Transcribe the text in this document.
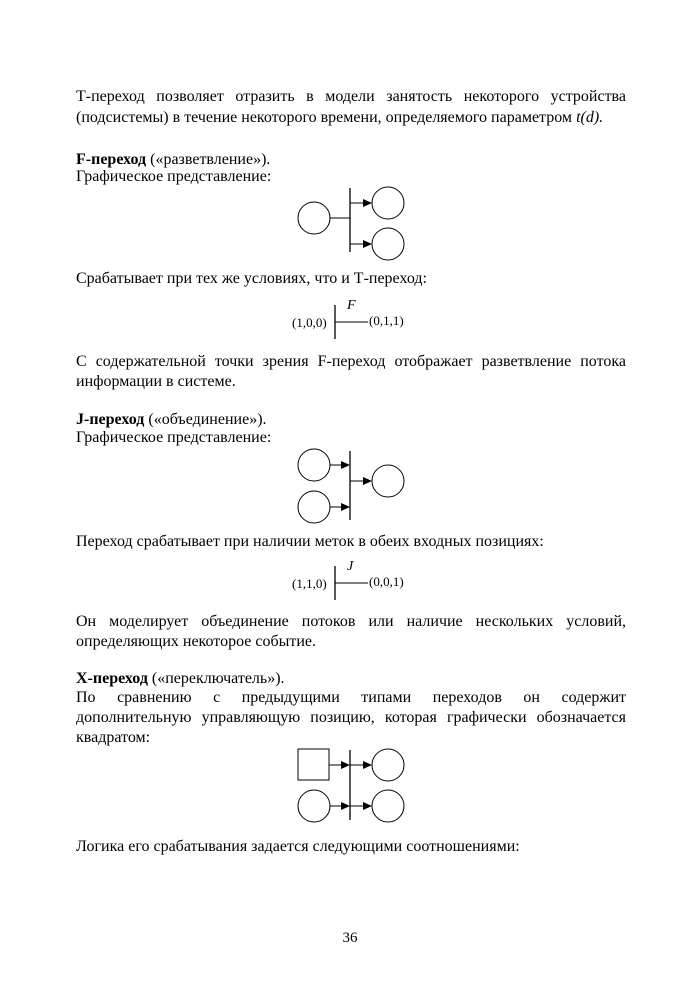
Т-переход позволяет отразить в модели занятость некоторого устройства

(подсистемы) в течение некоторого времени, определяемого параметром t(d).

F-переход («разветвление»).

Графическое представление:

Срабатывает при тех же условиях, что и Т-переход:

F
(1,0,0)	(0,1,1)

С содержательной точки зрения F-переход отображает разветвление потока

информации в системе.

J-переход («объединение»).

Графическое представление:

Переход срабатывает при наличии меток в обеих входных позициях:

J
(1,1,0)	(0,0,1)

Он моделирует объединение потоков или наличие нескольких условий,

определяющих некоторое событие.

X-переход («переключатель»).

По сравнению с предыдущими типами переходов он содержит

дополнительную управляющую позицию, которая графически обозначается

квадратом:

Логика его срабатывания задается следующими соотношениями:

36
